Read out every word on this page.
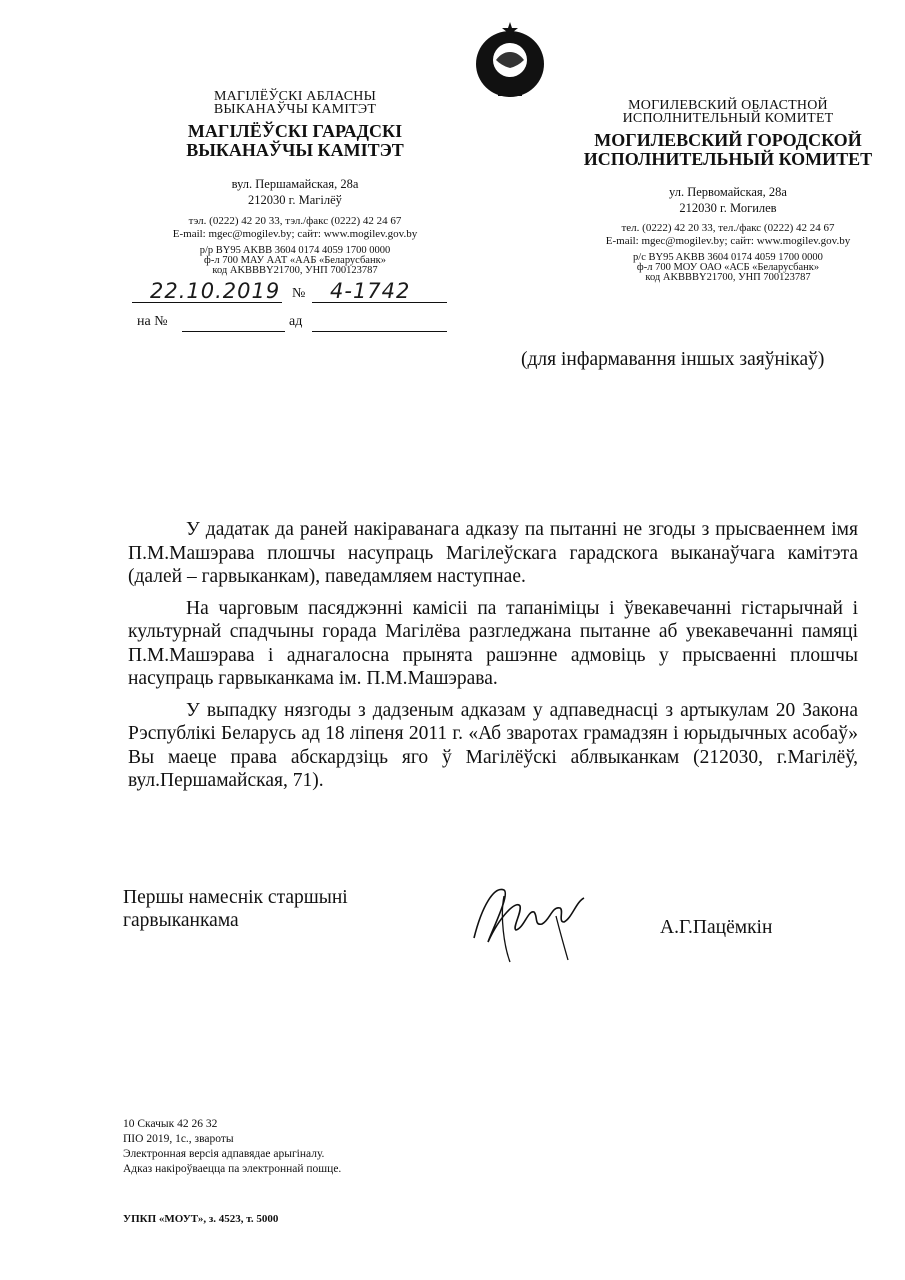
МАГІЛЁЎСКІ АБЛАСНЫ
ВЫКАНАЎЧЫ КАМІТЭТ
МАГІЛЁЎСКІ ГАРАДСКІ
ВЫКАНАЎЧЫ КАМІТЭТ
вул. Першамайская, 28а
212030 г. Магілёў
тэл. (0222) 42 20 33, тэл./факс (0222) 42 24 67
E-mail: mgec@mogilev.by; сайт: www.mogilev.gov.by
р/р BY95 AKBB 3604 0174 4059 1700 0000
ф-л 700 МАУ ААТ «ААБ «Беларусбанк»
код AKBBBY21700, УНП 700123787
МОГИЛЕВСКИЙ ОБЛАСТНОЙ
ИСПОЛНИТЕЛЬНЫЙ КОМИТЕТ
МОГИЛЕВСКИЙ ГОРОДСКОЙ
ИСПОЛНИТЕЛЬНЫЙ КОМИТЕТ
ул. Первомайская, 28а
212030 г. Могилев
тел. (0222) 42 20 33, тел./факс (0222) 42 24 67
E-mail: mgec@mogilev.by; сайт: www.mogilev.gov.by
р/с BY95 AKBB 3604 0174 4059 1700 0000
ф-л 700 МОУ ОАО «АСБ «Беларусбанк»
код AKBBBY21700, УНП 700123787
22.10.2019 № 4-1742
на №	ад
(для інфармавання іншых заяўнікаў)

У дадатак да раней накіраванага адказу па пытанні не згоды з прысваеннем імя П.М.Машэрава плошчы насупраць Магілеўскага гарадскога выканаўчага камітэта (далей – гарвыканкам), паведамляем наступнае.

На чарговым пасяджэнні камісіі па тапаніміцы і ўвекавечанні гістарычнай і культурнай спадчыны горада Магілёва разгледжана пытанне аб увекавечанні памяці П.М.Машэрава і аднагалосна прынята рашэнне адмовіць у прысваенні плошчы насупраць гарвыканкама ім. П.М.Машэрава.

У выпадку нязгоды з дадзеным адказам у адпаведнасці з артыкулам 20 Закона Рэспублікі Беларусь ад 18 ліпеня 2011 г. «Аб зваротах грамадзян і юрыдычных асобаў» Вы маеце права абскардзіць яго ў Магілёўскі аблвыканкам (212030, г.Магілёў, вул.Першамайская, 71).

Першы намеснік старшыні
гарвыканкама	А.Г.Пацёмкін
10 Скачык 42 26 32
ПІО 2019, 1с., звароты
Электронная версія адпавядае арыгіналу.
Адказ накіроўваецца па электроннай пошце.
УПКП «МОУТ», з. 4523, т. 5000
